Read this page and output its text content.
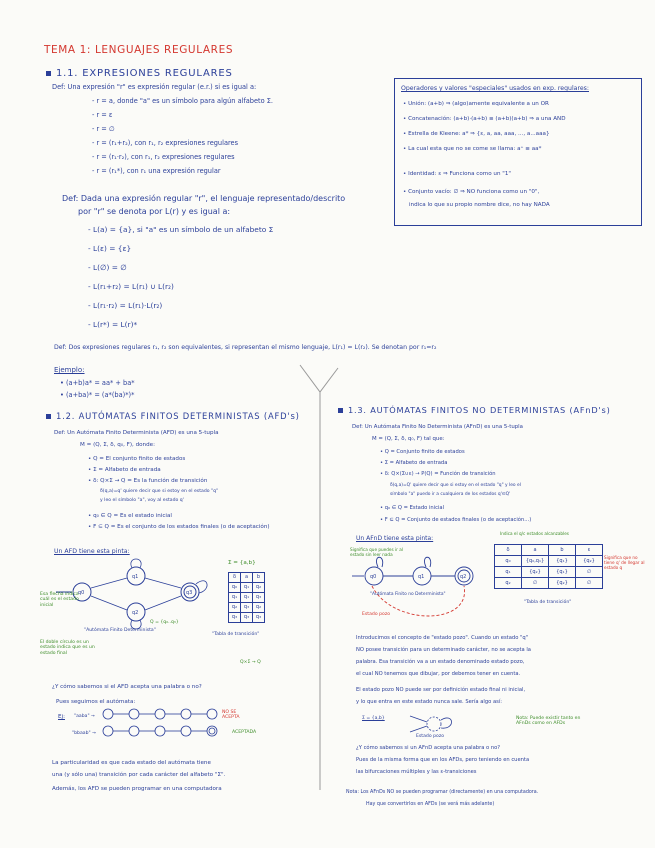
TEMA 1: LENGUAJES REGULARES
1.1. EXPRESIONES REGULARES
Def: Una expresión "r" es expresión regular (e.r.) si es igual a:
- r = a, donde "a" es un símbolo para algún alfabeto Σ.
- r = ε
- r = ∅
- r = (r₁+r₂), con r₁, r₂ expresiones regulares
- r = (r₁·r₂), con r₁, r₂ expresiones regulares
- r = (r₁*), con r₁ una expresión regular
Def: Dada una expresión regular "r", el lenguaje representado/descrito
por "r" se denota por L(r) y es igual a:
- L(a) = {a}, si "a" es un símbolo de un alfabeto Σ
- L(ε) = {ε}
- L(∅) = ∅
- L(r₁+r₂) = L(r₁) ∪ L(r₂)
- L(r₁·r₂) = L(r₁)·L(r₂)
- L(r*) = L(r)*
Def: Dos expresiones regulares r₁, r₂ son equivalentes, si representan el mismo lenguaje, L(r₁) = L(r₂). Se denotan por r₁=r₂
Ejemplo:
• (a+b)a* = aa* + ba*
• (a+ba)* = (a*(ba)*)*
Operadores y valores "especiales" usados en exp. regulares:
• Unión: (a+b) ⇒ (algo)amente equivalente a un OR
• Concatenación: (a+b)·(a+b) ≡ (a+b)(a+b) ⇒ a una AND
• Estrella de Kleene: a* ⇒ {ε, a, aa, aaa, ..., a...aaa}
• La cual esta que no se come se llama: a⁺ ≡ aa*
• Identidad: ε ⇒ Funciona como un "1"
• Conjunto vacío: ∅ ⇒ NO funciona como un "0",
indica lo que su propio nombre dice, no hay NADA
1.2. AUTÓMATAS FINITOS DETERMINISTAS (AFD's)
Def: Un Autómata Finito Determinista (AFD) es una 5-tupla
M = (Q, Σ, δ, q₀, F), donde:
• Q = El conjunto finito de estados
• Σ = Alfabeto de entrada
• δ: Q×Σ → Q = Es la función de transición
δ(q,a)=q' quiere decir que si estoy en el estado "q"
y leo el símbolo "a", voy al estado q'
• q₀ ∈ Q = Es el estado inicial
• F ⊆ Q = Es el conjunto de los estados finales (o de aceptación)
Un AFD tiene esta pinta:
Σ = {a,b}
q0
q1
q2
q3
Esa flecha indica cuál es el estado inicial
"Autómata Finito Determinista"
El doble círculo es un estado indica que es un estado final
Q = {q₀..q₃}
δ	a	b
q₀	q₁	q₂
q₁	q₁	q₃
q₂	q₃	q₂
q₃	q₃	q₃
"Tabla de transición"
Q×Σ → Q
¿Y cómo sabemos si el AFD acepta una palabra o no?
Pues seguimos el autómata:
Ej: "aaba" →
"bbaab" →
NO SE ACEPTA
ACEPTADA
La particularidad es que cada estado del autómata tiene
una (y sólo una) transición por cada carácter del alfabeto "Σ".
Además, los AFD se pueden programar en una computadora
1.3. AUTÓMATAS FINITOS NO DETERMINISTAS (AFnD's)
Def: Un Autómata Finito No Determinista (AFnD) es una 5-tupla
M = (Q, Σ, δ, q₀, F) tal que:
• Q = Conjunto finito de estados
• Σ = Alfabeto de entrada
• δ: Q×(Σ∪ε) → P(Q) = Función de transición
δ(q,a)=Q' quiere decir que si estoy en el estado "q" y leo el
símbolo "a" puedo ir a cualquiera de los estados q'∈Q'
• q₀ ∈ Q = Estado inicial
• F ⊆ Q = Conjunto de estados finales (o de aceptación...)
Un AFnD tiene esta pinta:
Significa que puedes ir al estado sin leer nada
Indica el q/c estados alcanzables
Significa que no tiene q' de llegar al estado q
q0	q1	q2
"Autómata Finito no Determinista"
Estado pozo
δ	a	b	ε
q₀	{q₀,q₁}	{q₁}	{q₂}
q₁	{q₂}	{q₁}	∅
q₂	∅	{q₂}	∅
"Tabla de transición"
Introducimos el concepto de "estado pozo". Cuando un estado "q"
NO posee transición para un determinado carácter, no se acepta la
palabra. Esa transición va a un estado denominado estado pozo,
el cual NO tenemos que dibujar, por debemos tener en cuenta.
El estado pozo NO puede ser por definición estado final ni inicial,
y lo que entra en este estado nunca sale. Sería algo así:
Σ = {a,b}
Estado pozo
Nota: Puede existir tanto en AFnDs como en AFDs
¿Y cómo sabemos si un AFnD acepta una palabra o no?
Pues de la misma forma que en los AFDs, pero teniendo en cuenta
las bifurcaciones múltiples y las ε-transiciones
Nota: Los AFnDs NO se pueden programar (directamente) en una computadora.
Hay que convertirlos en AFDs (se verá más adelante)
